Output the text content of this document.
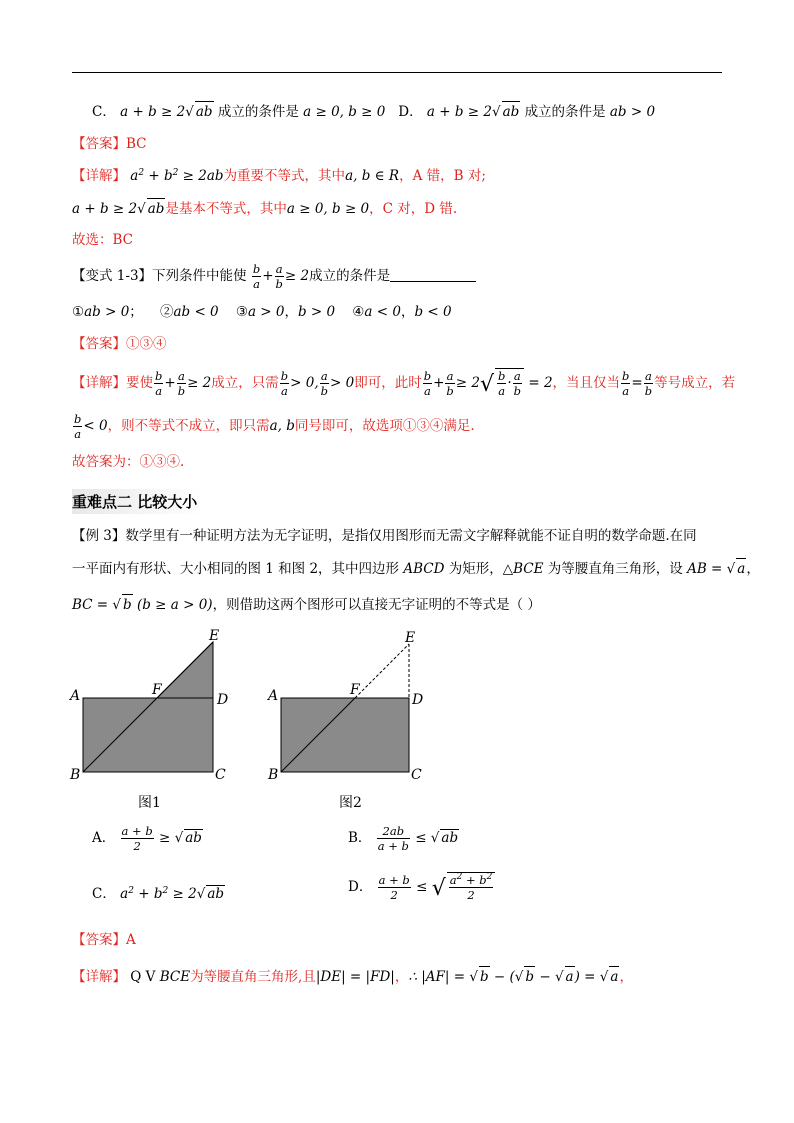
C． a + b ≥ 2√ ab 成立的条件是 a ≥ 0, b ≥ 0 D． a + b ≥ 2√ ab 成立的条件是 ab > 0
【答案】BC
【详解】 $a^2 + b^2 \ge 2ab$为重要不等式，其中a, b ∈ R，A 错，B 对;
a + b ≥ 2√ ab是基本不等式，其中a ≥ 0, b ≥ 0，C 对，D 错.
故选：BC
【变式 1-3】下列条件中能使 $\frac{b}{a} + \frac{a}{b} \ge 2$成立的条件是
①ab > 0； ②ab < 0 ③a > 0，b > 0 ④a < 0，b < 0
【答案】①③④
【详解】要使 $\frac{b}{a} + \frac{a}{b} \ge 2$成立，只需 $\frac{b}{a} > 0$, $\frac{a}{b} > 0$即可，此时 $\frac{b}{a} + \frac{a}{b} \ge 2√ \frac{b}{a} \cdot \frac{a}{b} = 2$，当且仅当 $\frac{b}{a} = \frac{a}{b}$ 等号成立，若
$\frac{b}{a} < 0$，则不等式不成立，即只需a, b同号即可，故选项①③④满足.
故答案为：①③④.
重难点二 比较大小
【例 3】数学里有一种证明方法为无字证明，是指仅用图形而无需文字解释就能不证自明的数学命题.在同
一平面内有形状、大小相同的图 1 和图 2，其中四边形 ABCD 为矩形，△BCE 为等腰直角三角形，设 AB = √ a，
BC = √ b (b ≥ a > 0)，则借助这两个图形可以直接无字证明的不等式是（ ）
A
B	C
D
E
F	A
B	C
D
E
F
图1	图2
A． $\frac{a + b}{2}$ ≥ √ ab	B． $\frac{2ab}{a + b}$ ≤ √ ab
C． $a^2 + b^2 \ge 2√$ ab	D． $\frac{a + b}{2}$ ≤ √ $\frac{a^2 + b^2}{2}$
【答案】A
【详解】 Q V BCE为等腰直角三角形,且|DE| = |FD|，∴ |AF| = √ b − (√ b − √ a) = √ a，
